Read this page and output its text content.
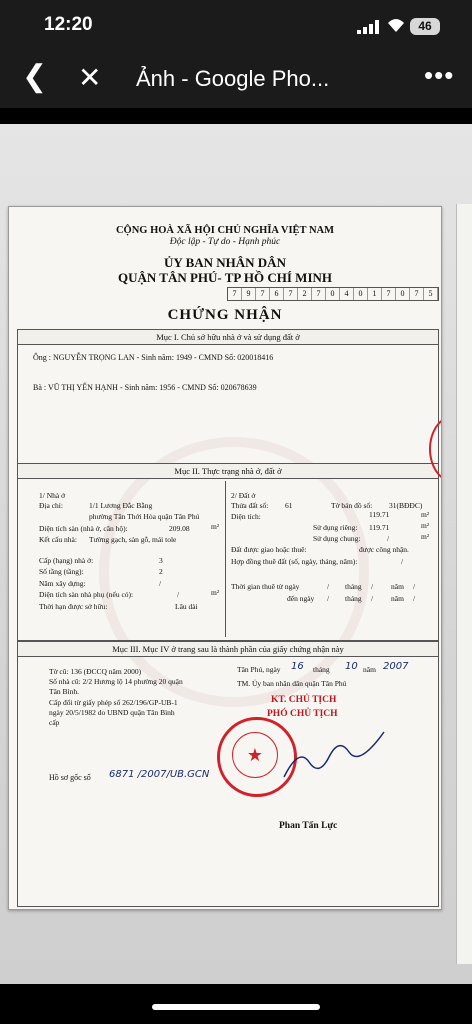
12:20	46
❮ ✕ Ảnh - Google Pho...	•••
CỘNG HOÀ XÃ HỘI CHỦ NGHĨA VIỆT NAM
Độc lập - Tự do - Hạnh phúc
ỦY BAN NHÂN DÂN
QUẬN TÂN PHÚ- TP HỒ CHÍ MINH
7	9	7	6	7	2	7	0	4	0	1	7	0	7	5
CHỨNG NHẬN
Mục I. Chủ sở hữu nhà ở và sử dụng đất ở
Ông : NGUYỄN TRỌNG LAN - Sinh năm: 1949 - CMND Số: 020018416
Bà : VŨ THỊ YẾN HẠNH - Sinh năm: 1956 - CMND Số: 020678639
Mục II. Thực trạng nhà ở, đất ở
1/ Nhà ở
Địa chỉ:	1/1 Lương Đắc Bằng
phường Tân Thới Hòa quận Tân Phú
Diện tích sàn (nhà ở, căn hộ):	209.08	m²
Kết cấu nhà: Tường gạch, sàn gỗ, mái tole
Cấp (hạng) nhà ở:	3
Số tầng (tầng):	2
Năm xây dựng:	/
Diện tích sàn nhà phụ (nếu có):	/	m²
Thời hạn được sở hữu:	Lâu dài
2/ Đất ở
Thửa đất số: 61	Tờ bản đồ số: 31(BĐĐC)
Diện tích:	119.71	m²
Sử dụng riêng: 119.71	m²
Sử dụng chung:	/	m²
Đất được giao hoặc thuê:	được công nhận.
Hợp đồng thuê đất (số, ngày, tháng, năm):	/
Thời gian thuê từ ngày	/ tháng / năm /
đến ngày / tháng / năm /
Mục III. Mục IV ở trang sau là thành phần của giấy chứng nhận này
Tờ cũ: 136 (ĐCCQ năm 2000)
Số nhà cũ: 2/2 Hương lộ 14 phường 20 quận
Tân Bình.
Cấp đổi từ giấy phép số 262/196/GP-UB-1
ngày 20/5/1982 do UBND quận Tân Bình
cấp
Tân Phú, ngày 16 tháng 10 năm 2007
TM. Ủy ban nhân dân quận Tân Phú
KT. CHỦ TỊCH
PHÓ CHỦ TỊCH
★
Hồ sơ gốc số 6871 /2007/UB.GCN
Phan Tấn Lực
